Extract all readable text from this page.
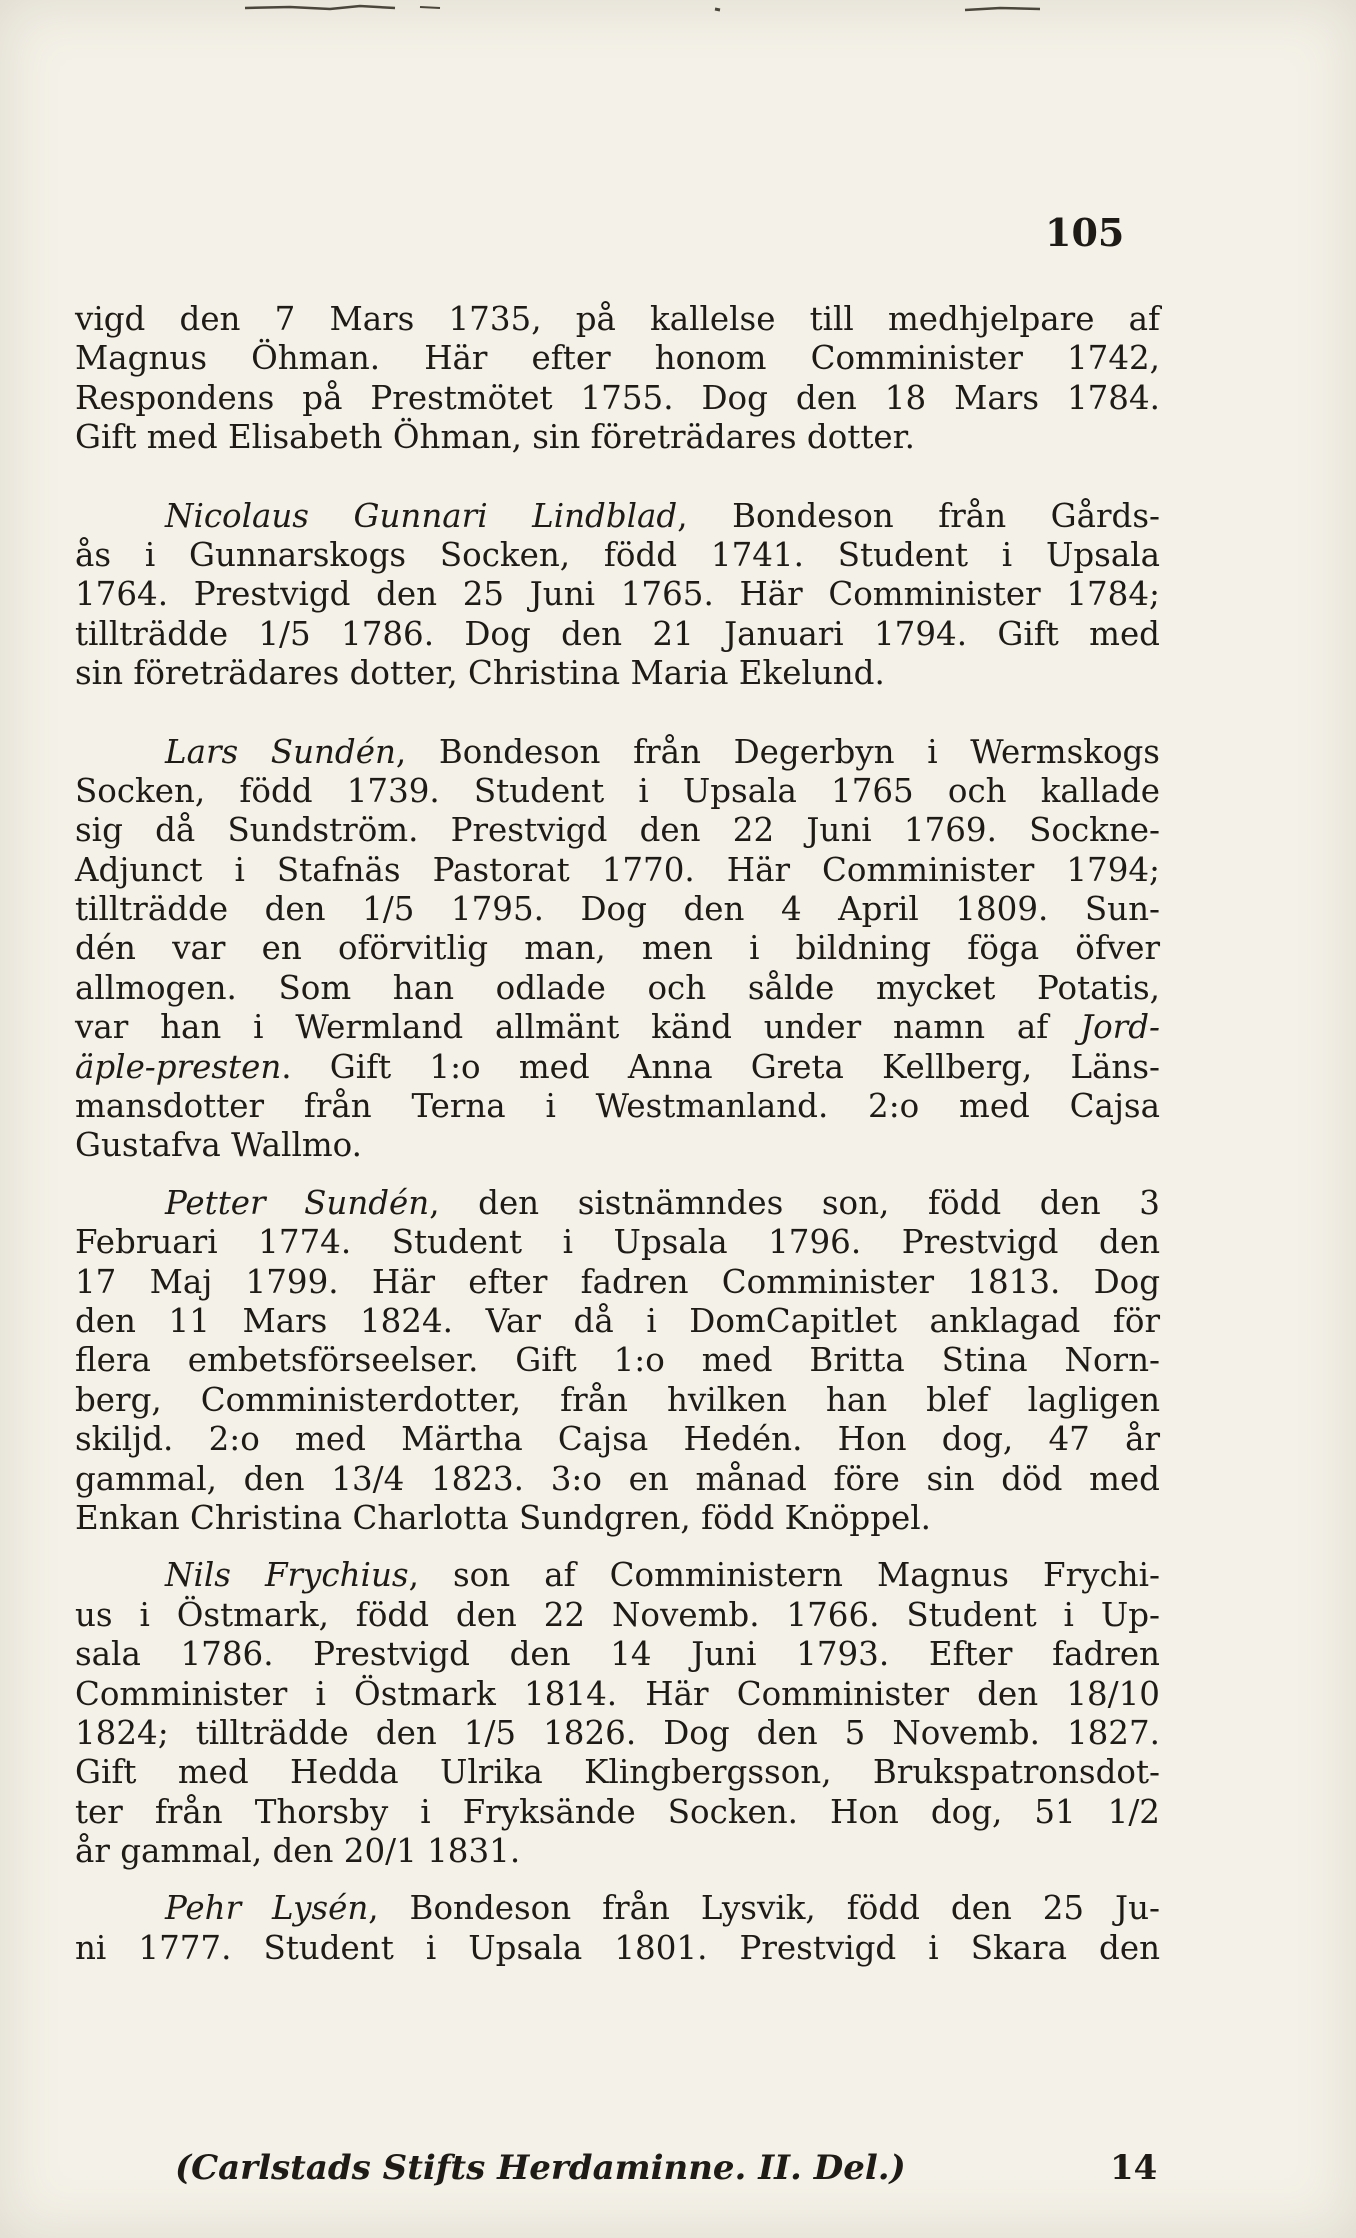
105
vigd den 7 Mars 1735, på kallelse till medhjelpare af
Magnus Öhman. Här efter honom Comminister 1742,
Respondens på Prestmötet 1755. Dog den 18 Mars 1784.
Gift med Elisabeth Öhman, sin företrädares dotter.
Nicolaus Gunnari Lindblad, Bondeson från Gårds-
ås i Gunnarskogs Socken, född 1741. Student i Upsala
1764. Prestvigd den 25 Juni 1765. Här Comminister 1784;
tillträdde 1/5 1786. Dog den 21 Januari 1794. Gift med
sin företrädares dotter, Christina Maria Ekelund.
Lars Sundén, Bondeson från Degerbyn i Wermskogs
Socken, född 1739. Student i Upsala 1765 och kallade
sig då Sundström. Prestvigd den 22 Juni 1769. Sockne-
Adjunct i Stafnäs Pastorat 1770. Här Comminister 1794;
tillträdde den 1/5 1795. Dog den 4 April 1809. Sun-
dén var en oförvitlig man, men i bildning föga öfver
allmogen. Som han odlade och sålde mycket Potatis,
var han i Wermland allmänt känd under namn af Jord-
äple-presten. Gift 1:o med Anna Greta Kellberg, Läns-
mansdotter från Terna i Westmanland. 2:o med Cajsa
Gustafva Wallmo.
Petter Sundén, den sistnämndes son, född den 3
Februari 1774. Student i Upsala 1796. Prestvigd den
17 Maj 1799. Här efter fadren Comminister 1813. Dog
den 11 Mars 1824. Var då i DomCapitlet anklagad för
flera embetsförseelser. Gift 1:o med Britta Stina Norn-
berg, Comministerdotter, från hvilken han blef lagligen
skiljd. 2:o med Märtha Cajsa Hedén. Hon dog, 47 år
gammal, den 13/4 1823. 3:o en månad före sin död med
Enkan Christina Charlotta Sundgren, född Knöppel.
Nils Frychius, son af Comministern Magnus Frychi-
us i Östmark, född den 22 Novemb. 1766. Student i Up-
sala 1786. Prestvigd den 14 Juni 1793. Efter fadren
Comminister i Östmark 1814. Här Comminister den 18/10
1824; tillträdde den 1/5 1826. Dog den 5 Novemb. 1827.
Gift med Hedda Ulrika Klingbergsson, Brukspatronsdot-
ter från Thorsby i Fryksände Socken. Hon dog, 51 1/2
år gammal, den 20/1 1831.
Pehr Lysén, Bondeson från Lysvik, född den 25 Ju-
ni 1777. Student i Upsala 1801. Prestvigd i Skara den
(Carlstads Stifts Herdaminne. II. Del.)	14
